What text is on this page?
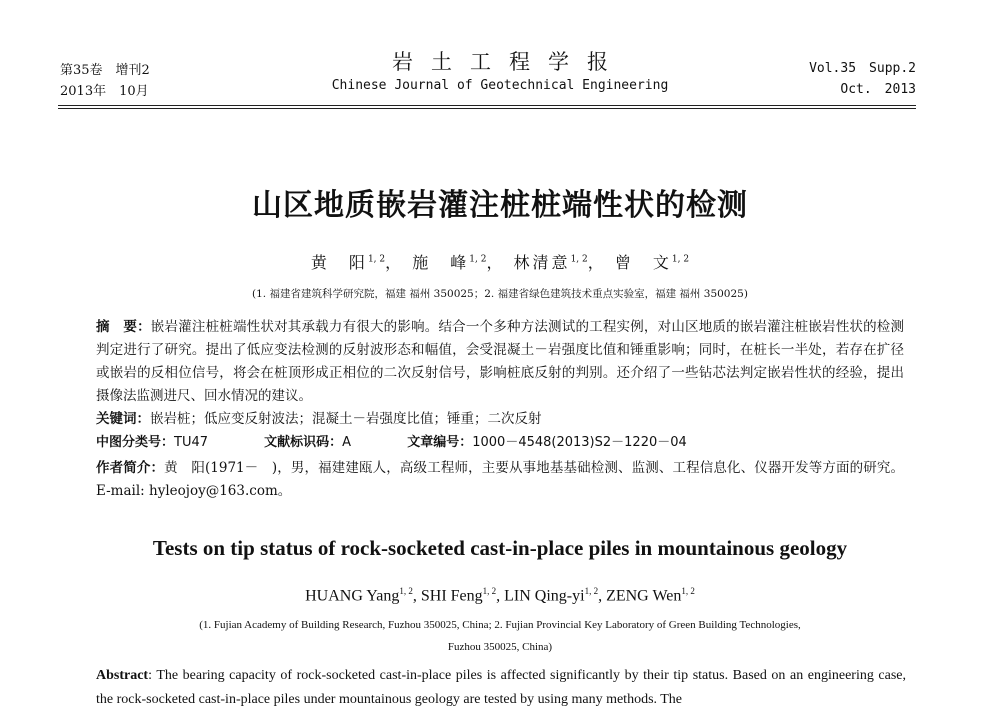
第35卷　增刊2
2013年　10月
岩土工程学报
Chinese Journal of Geotechnical Engineering
Vol.35　Supp.2
Oct.　2013
山区地质嵌岩灌注桩桩端性状的检测
黄　阳$^{1, 2}$， 施　峰$^{1, 2}$， 林清意$^{1, 2}$， 曾　文$^{1, 2}$
(1. 福建省建筑科学研究院，福建 福州 350025；2. 福建省绿色建筑技术重点实验室，福建 福州 350025)
摘　要：嵌岩灌注桩桩端性状对其承载力有很大的影响。结合一个多种方法测试的工程实例，对山区地质的嵌岩灌注桩嵌岩性状的检测判定进行了研究。提出了低应变法检测的反射波形态和幅值，会受混凝土－岩强度比值和锤重影响；同时，在桩长一半处，若存在扩径或嵌岩的反相位信号，将会在桩顶形成正相位的二次反射信号，影响桩底反射的判别。还介绍了一些钻芯法判定嵌岩性状的经验，提出摄像法监测进尺、回水情况的建议。
关键词：嵌岩桩；低应变反射波法；混凝土－岩强度比值；锤重；二次反射
中图分类号：TU47	文献标识码：A	文章编号：1000－4548(2013)S2－1220－04
作者简介：黄　阳(1971－　)，男，福建建瓯人，高级工程师，主要从事地基基础检测、监测、工程信息化、仪器开发等方面的研究。E-mail: hyleojoy@163.com。
Tests on tip status of rock-socketed cast-in-place piles in mountainous geology
HUANG Yang$^{1, 2}$, SHI Feng$^{1, 2}$, LIN Qing-yi$^{1, 2}$, ZENG Wen$^{1, 2}$
(1. Fujian Academy of Building Research, Fuzhou 350025, China; 2. Fujian Provincial Key Laboratory of Green Building Technologies,
Fuzhou 350025, China)
Abstract: The bearing capacity of rock-socketed cast-in-place piles is affected significantly by their tip status. Based on an engineering case, the rock-socketed cast-in-place piles under mountainous geology are tested by using many methods. The
